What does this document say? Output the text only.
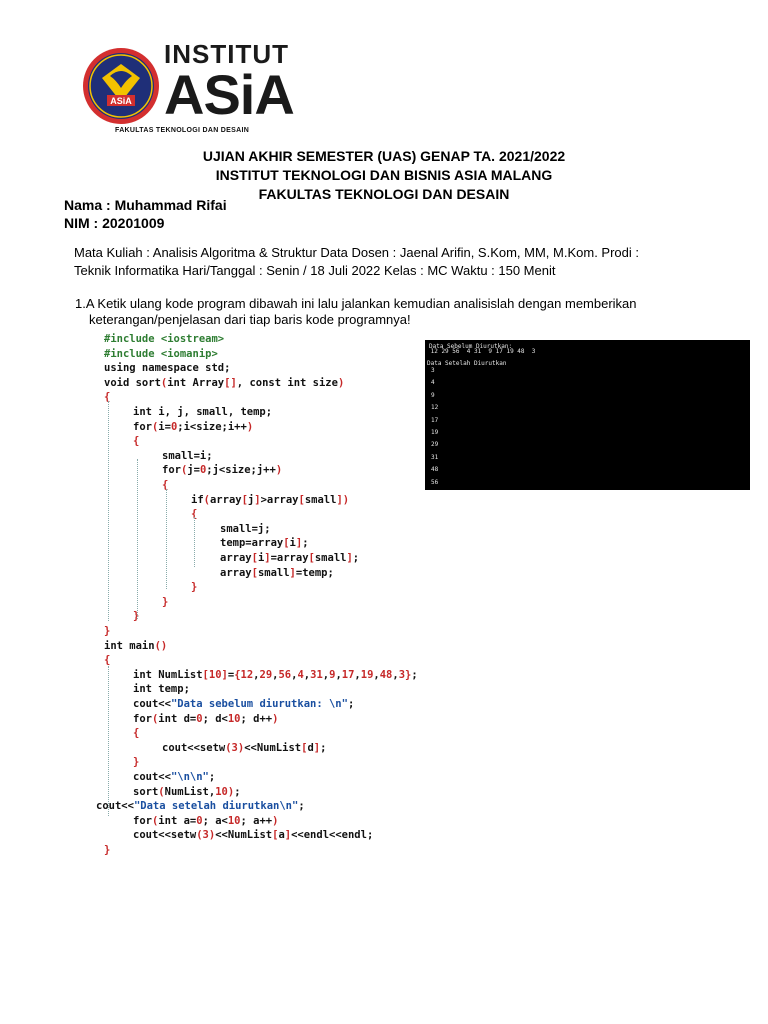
ASiA
INSTITUT
ASiA
FAKULTAS TEKNOLOGI DAN DESAIN
UJIAN AKHIR SEMESTER (UAS) GENAP TA. 2021/2022
INSTITUT TEKNOLOGI DAN BISNIS ASIA MALANG
FAKULTAS TEKNOLOGI DAN DESAIN
Nama : Muhammad Rifai
NIM : 20201009
Mata Kuliah : Analisis Algoritma & Struktur Data Dosen : Jaenal Arifin, S.Kom, MM, M.Kom. Prodi :
Teknik Informatika Hari/Tanggal : Senin / 18 Juli 2022 Kelas : MC Waktu : 150 Menit
1.A Ketik ulang kode program dibawah ini lalu jalankan kemudian analisislah dengan memberikan
keterangan/penjelasan dari tiap baris kode programnya!
#include <iostream>
#include <iomanip>
using namespace std;
void sort(int Array[], const int size)
{
int i, j, small, temp;
for(i=0;i<size;i++)
{
small=i;
for(j=0;j<size;j++)
{
if(array[j]>array[small])
{
small=j;
temp=array[i];
array[i]=array[small];
array[small]=temp;
}
}
}
}
int main()
{
int NumList[10]={12,29,56,4,31,9,17,19,48,3};
int temp;
cout<<"Data sebelum diurutkan: \n";
for(int d=0; d<10; d++)
{
cout<<setw(3)<<NumList[d];
}
cout<<"\n\n";
sort(NumList,10);
cout<<"Data setelah diurutkan\n";
for(int a=0; a<10; a++)
cout<<setw(3)<<NumList[a]<<endl<<endl;
}
Data Sebelum Diurutkan:
12 29 56  4 31  9 17 19 48  3
Data Setelah Diurutkan
3
4
9
12
17
19
29
31
48
56
